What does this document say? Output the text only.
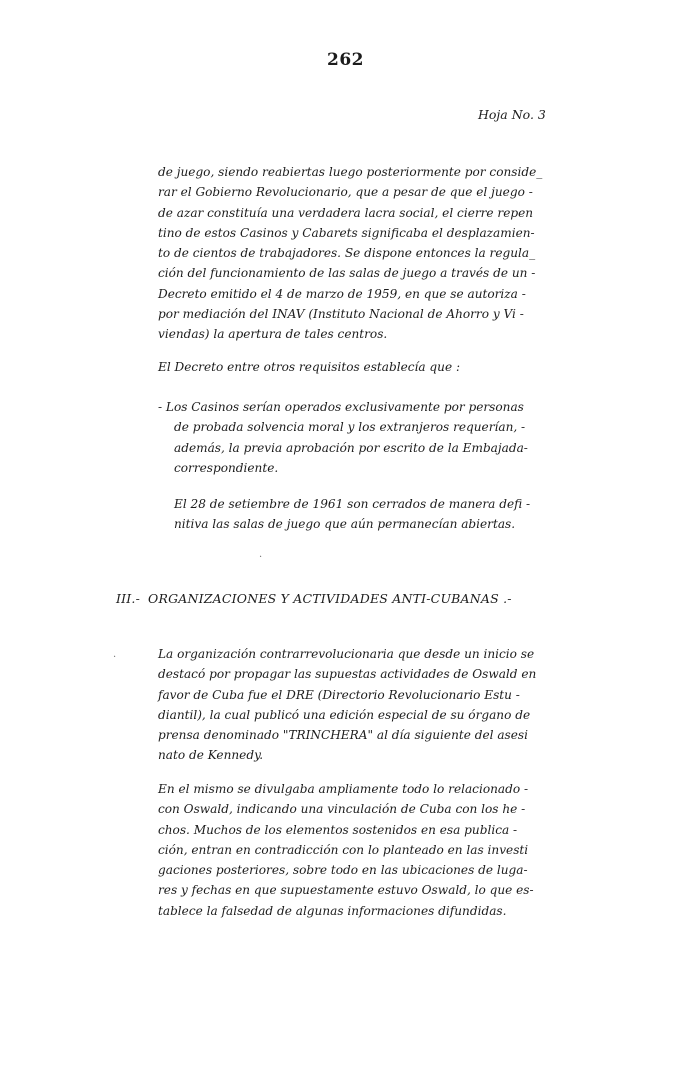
262
Hoja No. 3
de juego, siendo reabiertas luego posteriormente por conside_
rar el Gobierno Revolucionario, que a pesar de que el juego -
de azar constituía una verdadera lacra social, el cierre repen
tino de estos Casinos y Cabarets significaba el desplazamien-
to de cientos de trabajadores. Se dispone entonces la regula_
ción del funcionamiento de las salas de juego a través de un -
Decreto emitido el 4 de marzo de 1959, en que se autoriza -
por mediación del INAV (Instituto Nacional de Ahorro y Vi -
viendas) la apertura de tales centros.
El Decreto entre otros requisitos establecía que :
- Los Casinos serían operados exclusivamente por personas
de probada solvencia moral y los extranjeros requerían, -
además, la previa aprobación por escrito de la Embajada-
correspondiente.
El 28 de setiembre de 1961 son cerrados de manera defi -
nitiva las salas de juego que aún permanecían abiertas.
III.- ORGANIZACIONES Y ACTIVIDADES ANTI-CUBANAS .-
La organización contrarrevolucionaria que desde un inicio se
destacó por propagar las supuestas actividades de Oswald en
favor de Cuba fue el DRE (Directorio Revolucionario Estu -
diantil), la cual publicó una edición especial de su órgano de
prensa denominado "TRINCHERA" al día siguiente del asesi
nato de Kennedy.
En el mismo se divulgaba ampliamente todo lo relacionado -
con Oswald, indicando una vinculación de Cuba con los he -
chos. Muchos de los elementos sostenidos en esa publica -
ción, entran en contradicción con lo planteado en las investi
gaciones posteriores, sobre todo en las ubicaciones de luga-
res y fechas en que supuestamente estuvo Oswald, lo que es-
tablece la falsedad de algunas informaciones difundidas.
·
·
